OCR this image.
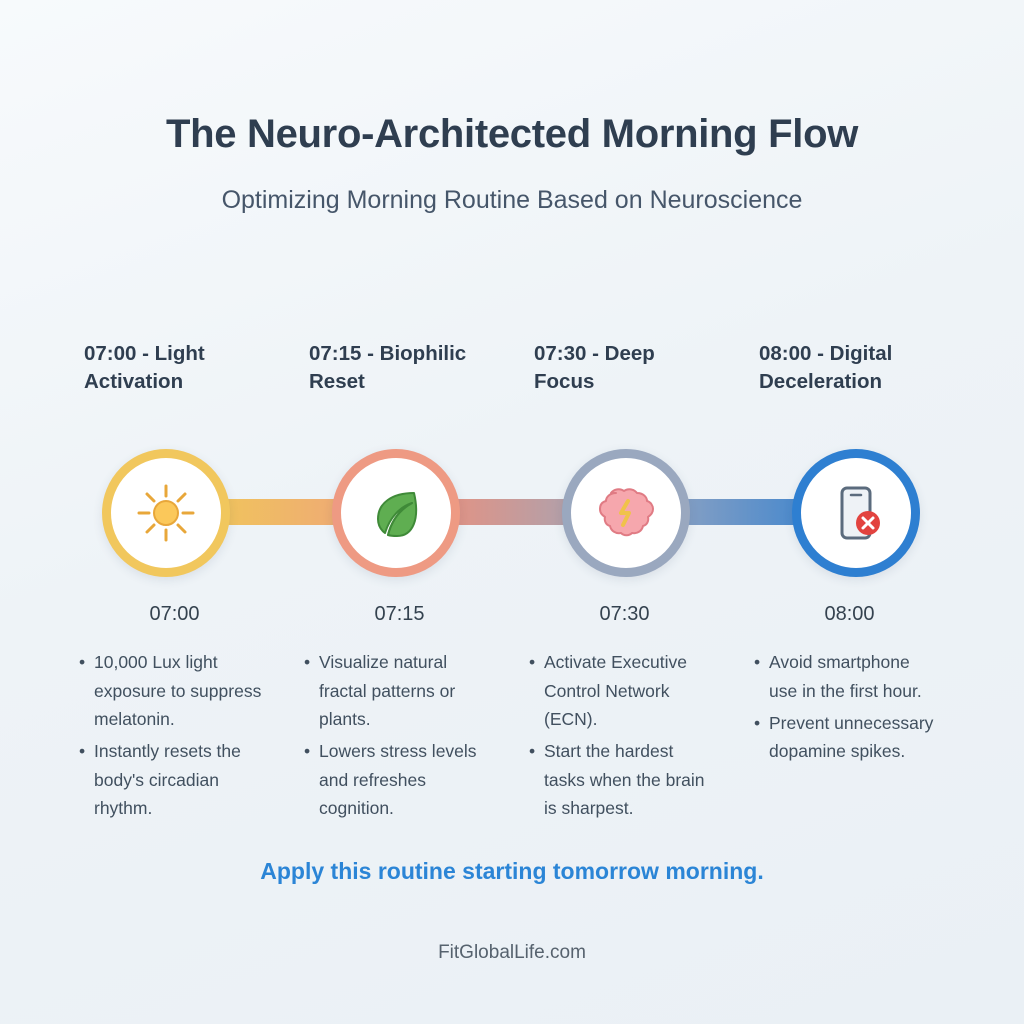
The Neuro-Architected Morning Flow
Optimizing Morning Routine Based on Neuroscience
07:00 - Light Activation
07:15 - Biophilic Reset
07:30 - Deep Focus
08:00 - Digital Deceleration
07:00	07:15	07:30	08:00
• 10,000 Lux light exposure to suppress melatonin.
• Instantly resets the body's circadian rhythm.
• Visualize natural fractal patterns or plants.
• Lowers stress levels and refreshes cognition.
• Activate Executive Control Network (ECN).
• Start the hardest tasks when the brain is sharpest.
• Avoid smartphone use in the first hour.
• Prevent unnecessary dopamine spikes.
Apply this routine starting tomorrow morning.
FitGlobalLife.com
